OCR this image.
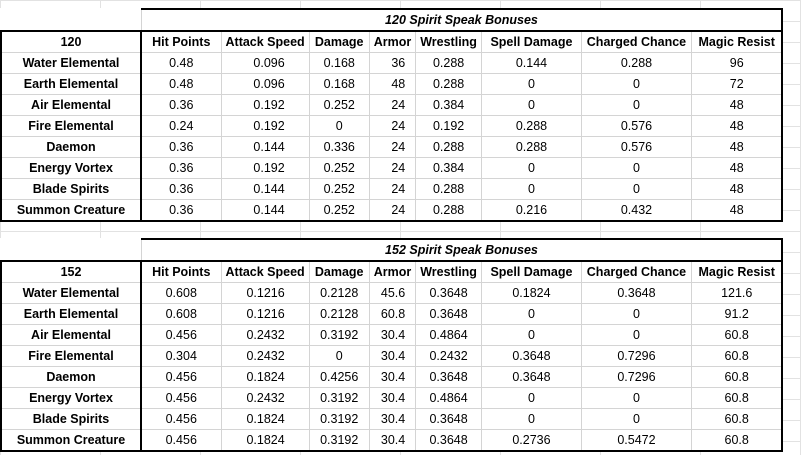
	120 Spirit Speak Bonuses							
120	Hit Points	Attack Speed	Damage	Armor	Wrestling	Spell Damage	Charged Chance	Magic Resist
Water Elemental	0.48	0.096	0.168	36	0.288	0.144	0.288	96
Earth Elemental	0.48	0.096	0.168	48	0.288	0	0	72
Air Elemental	0.36	0.192	0.252	24	0.384	0	0	48
Fire Elemental	0.24	0.192	0	24	0.192	0.288	0.576	48
Daemon	0.36	0.144	0.336	24	0.288	0.288	0.576	48
Energy Vortex	0.36	0.192	0.252	24	0.384	0	0	48
Blade Spirits	0.36	0.144	0.252	24	0.288	0	0	48
Summon Creature	0.36	0.144	0.252	24	0.288	0.216	0.432	48
	152 Spirit Speak Bonuses							
152	Hit Points	Attack Speed	Damage	Armor	Wrestling	Spell Damage	Charged Chance	Magic Resist
Water Elemental	0.608	0.1216	0.2128	45.6	0.3648	0.1824	0.3648	121.6
Earth Elemental	0.608	0.1216	0.2128	60.8	0.3648	0	0	91.2
Air Elemental	0.456	0.2432	0.3192	30.4	0.4864	0	0	60.8
Fire Elemental	0.304	0.2432	0	30.4	0.2432	0.3648	0.7296	60.8
Daemon	0.456	0.1824	0.4256	30.4	0.3648	0.3648	0.7296	60.8
Energy Vortex	0.456	0.2432	0.3192	30.4	0.4864	0	0	60.8
Blade Spirits	0.456	0.1824	0.3192	30.4	0.3648	0	0	60.8
Summon Creature	0.456	0.1824	0.3192	30.4	0.3648	0.2736	0.5472	60.8
